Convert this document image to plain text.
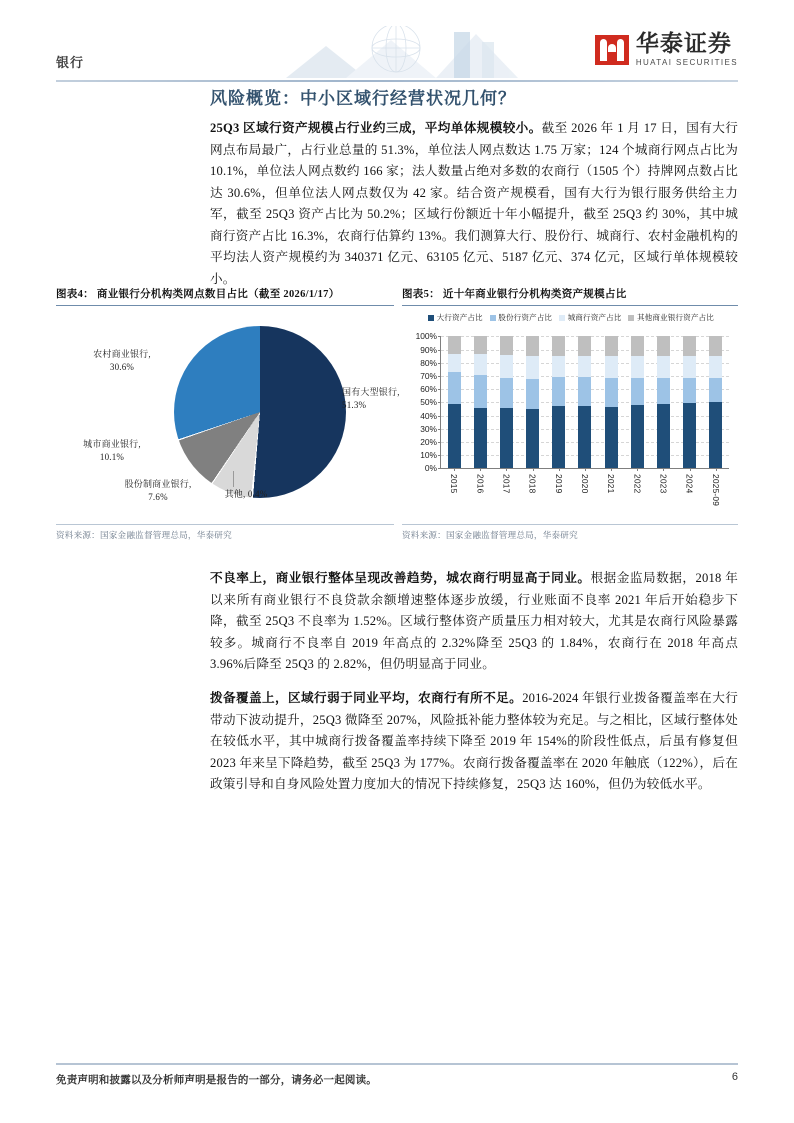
银行
华泰证券
HUATAI SECURITIES
风险概览：中小区域行经营状况几何？
25Q3 区域行资产规模占行业约三成，平均单体规模较小。截至 2026 年 1 月 17 日，国有大行网点布局最广，占行业总量的 51.3%，单位法人网点数达 1.75 万家；124 个城商行网点占比为 10.1%，单位法人网点数约 166 家；法人数量占绝对多数的农商行（1505 个）持牌网点数占比达 30.6%，但单位法人网点数仅为 42 家。结合资产规模看，国有大行为银行服务供给主力军，截至 25Q3 资产占比为 50.2%；区域行份额近十年小幅提升，截至 25Q3 约 30%，其中城商行资产占比 16.3%，农商行估算约 13%。我们测算大行、股份行、城商行、农村金融机构的平均法人资产规模约为 340371 亿元、63105 亿元、5187 亿元、374 亿元，区域行单体规模较小。
图表4： 商业银行分机构类网点数目占比（截至 2026/1/17）
国有大型银行, 51.3%
农村商业银行, 30.6%
城市商业银行, 10.1%
股份制商业银行, 7.6%	其他, 0.4%
资料来源：国家金融监督管理总局，华泰研究
图表5： 近十年商业银行分机构类资产规模占比
大行资产占比 股份行资产占比 城商行资产占比 其他商业银行资产占比
0%
10%
20%
30%
40%
50%
60%
70%
80%
90%
100%
2015 2016 2017 2018 2019 2020 2021 2022 2023 2024 2025-09
资料来源：国家金融监督管理总局，华泰研究
不良率上，商业银行整体呈现改善趋势，城农商行明显高于同业。根据金监局数据，2018 年以来所有商业银行不良贷款余额增速整体逐步放缓，行业账面不良率 2021 年后开始稳步下降，截至 25Q3 不良率为 1.52%。区域行整体资产质量压力相对较大，尤其是农商行风险暴露较多。城商行不良率自 2019 年高点的 2.32%降至 25Q3 的 1.84%，农商行在 2018 年高点 3.96%后降至 25Q3 的 2.82%，但仍明显高于同业。
拨备覆盖上，区域行弱于同业平均，农商行有所不足。2016-2024 年银行业拨备覆盖率在大行带动下波动提升，25Q3 微降至 207%，风险抵补能力整体较为充足。与之相比，区域行整体处在较低水平，其中城商行拨备覆盖率持续下降至 2019 年 154%的阶段性低点，后虽有修复但 2023 年来呈下降趋势，截至 25Q3 为 177%。农商行拨备覆盖率在 2020 年触底（122%），后在政策引导和自身风险处置力度加大的情况下持续修复，25Q3 达 160%，但仍为较低水平。
免责声明和披露以及分析师声明是报告的一部分，请务必一起阅读。	6
